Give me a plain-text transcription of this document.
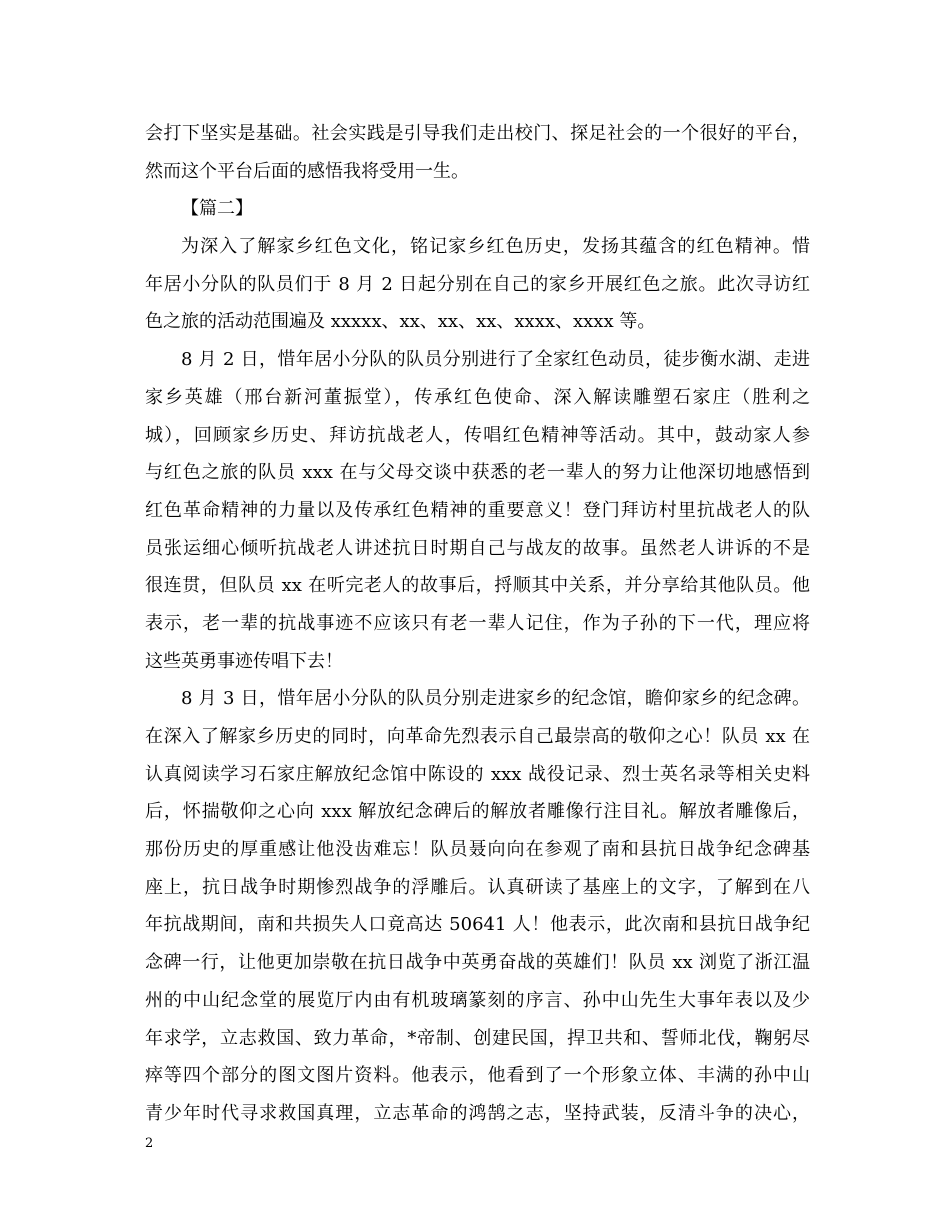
会打下坚实是基础。社会实践是引导我们走出校门、探足社会的一个很好的平台，
然而这个平台后面的感悟我将受用一生。
【篇二】
为深入了解家乡红色文化，铭记家乡红色历史，发扬其蕴含的红色精神。惜
年居小分队的队员们于 8 月 2 日起分别在自己的家乡开展红色之旅。此次寻访红
色之旅的活动范围遍及 xxxxx、xx、xx、xx、xxxx、xxxx 等。
8 月 2 日，惜年居小分队的队员分别进行了全家红色动员，徒步衡水湖、走进
家乡英雄（邢台新河董振堂），传承红色使命、深入解读雕塑石家庄（胜利之
城），回顾家乡历史、拜访抗战老人，传唱红色精神等活动。其中，鼓动家人参
与红色之旅的队员 xxx 在与父母交谈中获悉的老一辈人的努力让他深切地感悟到
红色革命精神的力量以及传承红色精神的重要意义！登门拜访村里抗战老人的队
员张运细心倾听抗战老人讲述抗日时期自己与战友的故事。虽然老人讲诉的不是
很连贯，但队员 xx 在听完老人的故事后，捋顺其中关系，并分享给其他队员。他
表示，老一辈的抗战事迹不应该只有老一辈人记住，作为子孙的下一代，理应将
这些英勇事迹传唱下去！
8 月 3 日，惜年居小分队的队员分别走进家乡的纪念馆，瞻仰家乡的纪念碑。
在深入了解家乡历史的同时，向革命先烈表示自己最崇高的敬仰之心！队员 xx 在
认真阅读学习石家庄解放纪念馆中陈设的 xxx 战役记录、烈士英名录等相关史料
后，怀揣敬仰之心向 xxx 解放纪念碑后的解放者雕像行注目礼。解放者雕像后，
那份历史的厚重感让他没齿难忘！队员聂向向在参观了南和县抗日战争纪念碑基
座上，抗日战争时期惨烈战争的浮雕后。认真研读了基座上的文字，了解到在八
年抗战期间，南和共损失人口竟高达 50641 人！他表示，此次南和县抗日战争纪
念碑一行，让他更加崇敬在抗日战争中英勇奋战的英雄们！队员 xx 浏览了浙江温
州的中山纪念堂的展览厅内由有机玻璃篆刻的序言、孙中山先生大事年表以及少
年求学，立志救国、致力革命，*帝制、创建民国，捍卫共和、誓师北伐，鞠躬尽
瘁等四个部分的图文图片资料。他表示，他看到了一个形象立体、丰满的孙中山
青少年时代寻求救国真理，立志革命的鸿鹄之志，坚持武装，反清斗争的决心，
2
